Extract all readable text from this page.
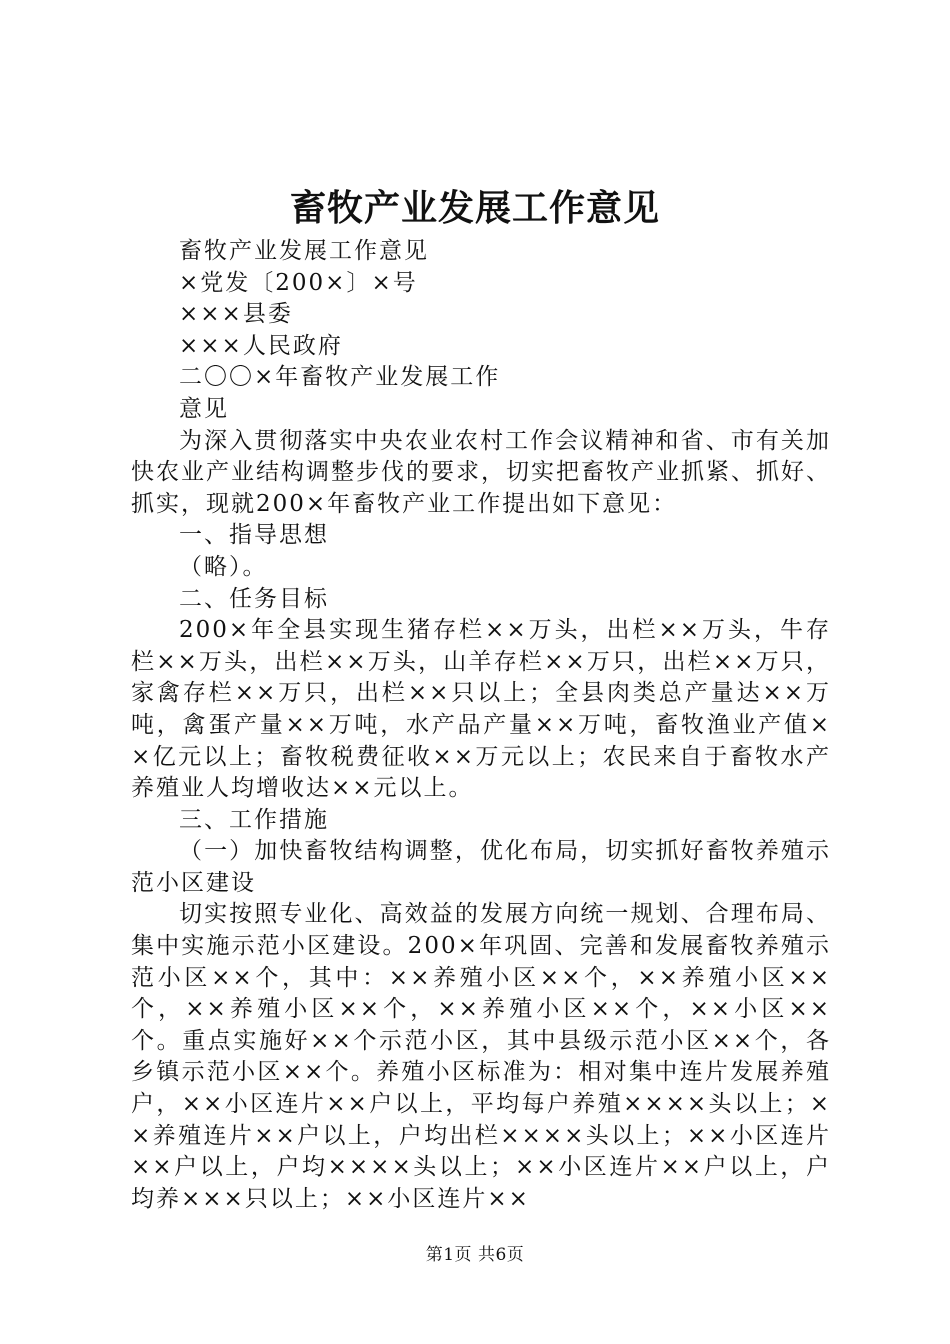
畜牧产业发展工作意见

畜牧产业发展工作意见

×党发〔200×〕×号

×××县委

×××人民政府

二〇〇×年畜牧产业发展工作

意见

为深入贯彻落实中央农业农村工作会议精神和省、市有关加快农业产业结构调整步伐的要求，切实把畜牧产业抓紧、抓好、抓实，现就200×年畜牧产业工作提出如下意见：

一、指导思想

（略）。

二、任务目标

200×年全县实现生猪存栏××万头，出栏××万头，牛存栏××万头，出栏××万头，山羊存栏××万只，出栏××万只，家禽存栏××万只，出栏××只以上；全县肉类总产量达××万吨，禽蛋产量××万吨，水产品产量××万吨，畜牧渔业产值××亿元以上；畜牧税费征收××万元以上；农民来自于畜牧水产养殖业人均增收达××元以上。

三、工作措施

（一）加快畜牧结构调整，优化布局，切实抓好畜牧养殖示范小区建设

切实按照专业化、高效益的发展方向统一规划、合理布局、集中实施示范小区建设。200×年巩固、完善和发展畜牧养殖示范小区××个，其中：××养殖小区××个，××养殖小区××个，××养殖小区××个，××养殖小区××个，××小区××个。重点实施好××个示范小区，其中县级示范小区××个，各乡镇示范小区××个。养殖小区标准为：相对集中连片发展养殖户，××小区连片××户以上，平均每户养殖××××头以上；××养殖连片××户以上，户均出栏××××头以上；××小区连片××户以上，户均××××头以上；××小区连片××户以上，户均养×××只以上；××小区连片××

第1页 共6页
